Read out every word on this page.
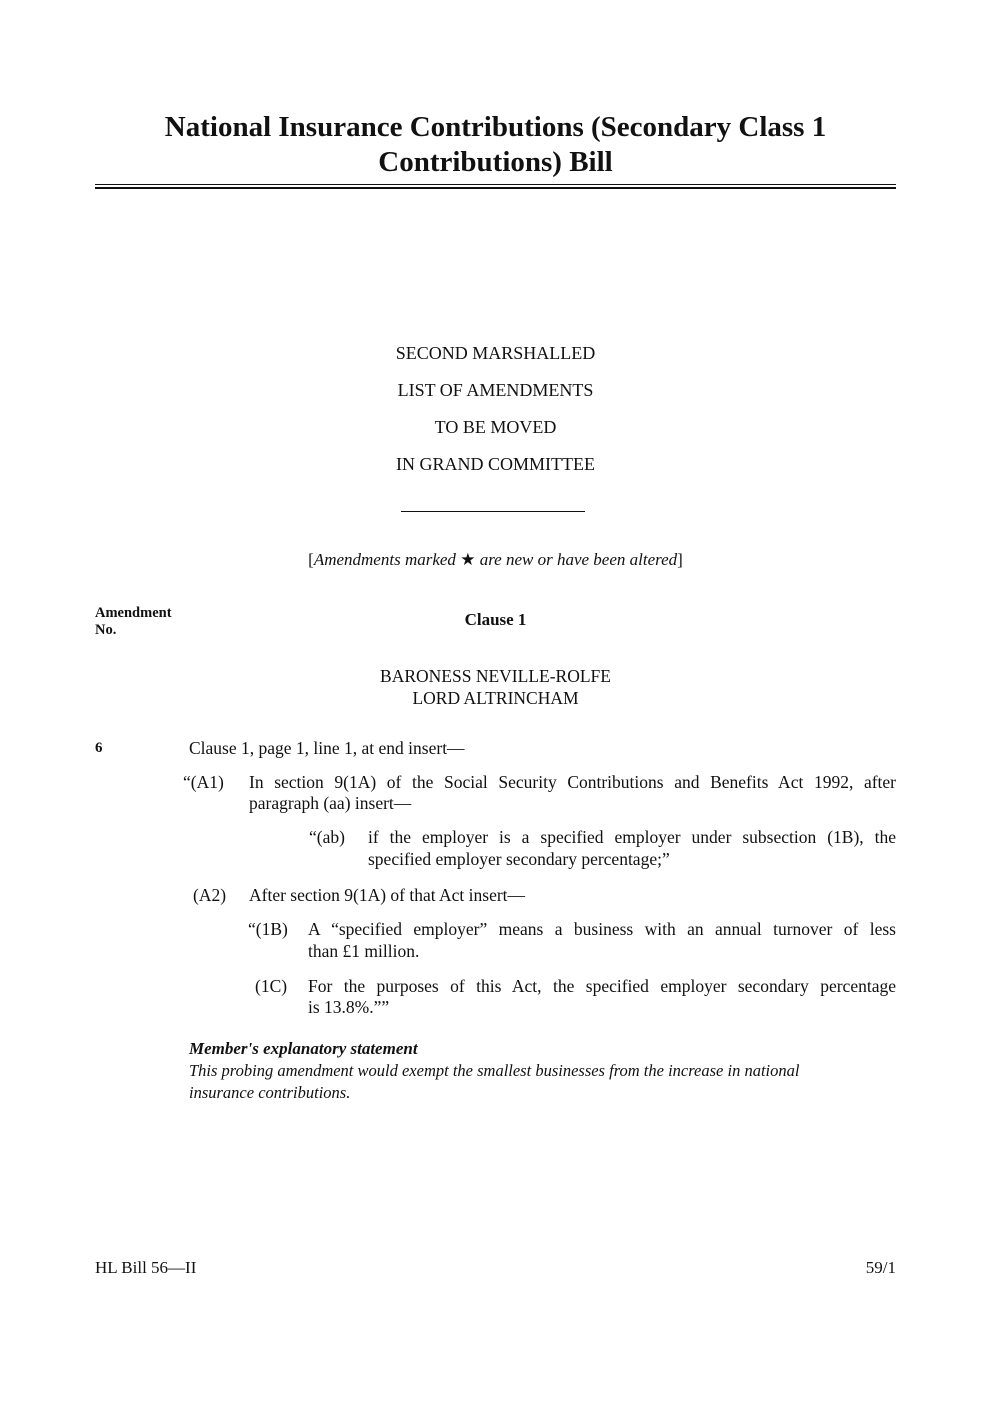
National Insurance Contributions (Secondary Class 1
Contributions) Bill
SECOND MARSHALLED
LIST OF AMENDMENTS
TO BE MOVED
IN GRAND COMMITTEE
[Amendments marked ★ are new or have been altered]
Amendment
No.
Clause 1
BARONESS NEVILLE-ROLFE
LORD ALTRINCHAM
6	Clause 1, page 1, line 1, at end insert—
“(A1) In section 9(1A) of the Social Security Contributions and Benefits Act 1992, after
paragraph (aa) insert—
“(ab) if the employer is a specified employer under subsection (1B), the
specified employer secondary percentage;”
(A2) After section 9(1A) of that Act insert—
“(1B) A “specified employer” means a business with an annual turnover of less
than £1 million.
(1C) For the purposes of this Act, the specified employer secondary percentage
is 13.8%.””
Member's explanatory statement
This probing amendment would exempt the smallest businesses from the increase in national
insurance contributions.
HL Bill 56—II	59/1
